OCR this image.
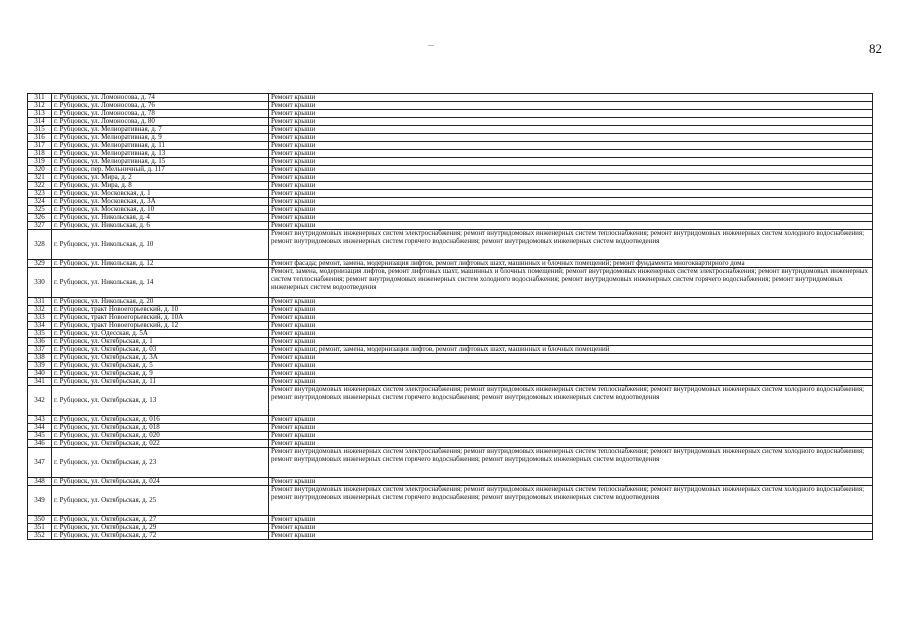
82
311	г. Рубцовск, ул. Ломоносова, д. 74	Ремонт крыши
312	г. Рубцовск, ул. Ломоносова, д. 76	Ремонт крыши
313	г. Рубцовск, ул. Ломоносова, д. 78	Ремонт крыши
314	г. Рубцовск, ул. Ломоносова, д. 80	Ремонт крыши
315	г. Рубцовск, ул. Мелиоративная, д. 7	Ремонт крыши
316	г. Рубцовск, ул. Мелиоративная, д. 9	Ремонт крыши
317	г. Рубцовск, ул. Мелиоративная, д. 11	Ремонт крыши
318	г. Рубцовск, ул. Мелиоративная, д. 13	Ремонт крыши
319	г. Рубцовск, ул. Мелиоративная, д. 15	Ремонт крыши
320	г. Рубцовск, пер. Мельничный, д. 117	Ремонт крыши
321	г. Рубцовск, ул. Мира, д. 2	Ремонт крыши
322	г. Рубцовск, ул. Мира, д. 8	Ремонт крыши
323	г. Рубцовск, ул. Московская, д. 1	Ремонт крыши
324	г. Рубцовск, ул. Московская, д. 3А	Ремонт крыши
325	г. Рубцовск, ул. Московская, д. 10	Ремонт крыши
326	г. Рубцовск, ул. Никольская, д. 4	Ремонт крыши
327	г. Рубцовск, ул. Никольская, д. 6	Ремонт крыши
328	г. Рубцовск, ул. Никольская, д. 10	Ремонт внутридомовых инженерных систем электроснабжения; ремонт внутридомовых инженерных систем теплоснабжения; ремонт внутридомовых инженерных систем холодного водоснабжения; ремонт внутридомовых инженерных систем горячего водоснабжения; ремонт внутридомовых инженерных систем водоотведения
329	г. Рубцовск, ул. Никольская, д. 12	Ремонт фасада; ремонт, замена, модернизация лифтов, ремонт лифтовых шахт, машинных и блочных помещений; ремонт фундамента многоквартирного дома
330	г. Рубцовск, ул. Никольская, д. 14	Ремонт, замена, модернизация лифтов, ремонт лифтовых шахт, машинных и блочных помещений; ремонт внутридомовых инженерных систем электроснабжения; ремонт внутридомовых инженерных систем теплоснабжения; ремонт внутридомовых инженерных систем холодного водоснабжения; ремонт внутридомовых инженерных систем горячего водоснабжения; ремонт внутридомовых инженерных систем водоотведения
331	г. Рубцовск, ул. Никольская, д. 20	Ремонт крыши
332	г. Рубцовск, тракт Новоегорьевский, д. 10	Ремонт крыши
333	г. Рубцовск, тракт Новоегорьевский, д. 10А	Ремонт крыши
334	г. Рубцовск, тракт Новоегорьевский, д. 12	Ремонт крыши
335	г. Рубцовск, ул. Одесская, д. 5А	Ремонт крыши
336	г. Рубцовск, ул. Октябрьская, д. 1	Ремонт крыши
337	г. Рубцовск, ул. Октябрьская, д. 03	Ремонт крыши; ремонт, замена, модернизация лифтов, ремонт лифтовых шахт, машинных и блочных помещений
338	г. Рубцовск, ул. Октябрьская, д. 3А	Ремонт крыши
339	г. Рубцовск, ул. Октябрьская, д. 5	Ремонт крыши
340	г. Рубцовск, ул. Октябрьская, д. 9	Ремонт крыши
341	г. Рубцовск, ул. Октябрьская, д. 11	Ремонт крыши
342	г. Рубцовск, ул. Октябрьская, д. 13	Ремонт внутридомовых инженерных систем электроснабжения; ремонт внутридомовых инженерных систем теплоснабжения; ремонт внутридомовых инженерных систем холодного водоснабжения; ремонт внутридомовых инженерных систем горячего водоснабжения; ремонт внутридомовых инженерных систем водоотведения
343	г. Рубцовск, ул. Октябрьская, д. 016	Ремонт крыши
344	г. Рубцовск, ул. Октябрьская, д. 018	Ремонт крыши
345	г. Рубцовск, ул. Октябрьская, д. 020	Ремонт крыши
346	г. Рубцовск, ул. Октябрьская, д. 022	Ремонт крыши
347	г. Рубцовск, ул. Октябрьская, д. 23	Ремонт внутридомовых инженерных систем электроснабжения; ремонт внутридомовых инженерных систем теплоснабжения; ремонт внутридомовых инженерных систем холодного водоснабжения; ремонт внутридомовых инженерных систем горячего водоснабжения; ремонт внутридомовых инженерных систем водоотведения
348	г. Рубцовск, ул. Октябрьская, д. 024	Ремонт крыши
349	г. Рубцовск, ул. Октябрьская, д. 25	Ремонт внутридомовых инженерных систем электроснабжения; ремонт внутридомовых инженерных систем теплоснабжения; ремонт внутридомовых инженерных систем холодного водоснабжения; ремонт внутридомовых инженерных систем горячего водоснабжения; ремонт внутридомовых инженерных систем водоотведения
350	г. Рубцовск, ул. Октябрьская, д. 27	Ремонт крыши
351	г. Рубцовск, ул. Октябрьская, д. 29	Ремонт крыши
352	г. Рубцовск, ул. Октябрьская, д. 72	Ремонт крыши
